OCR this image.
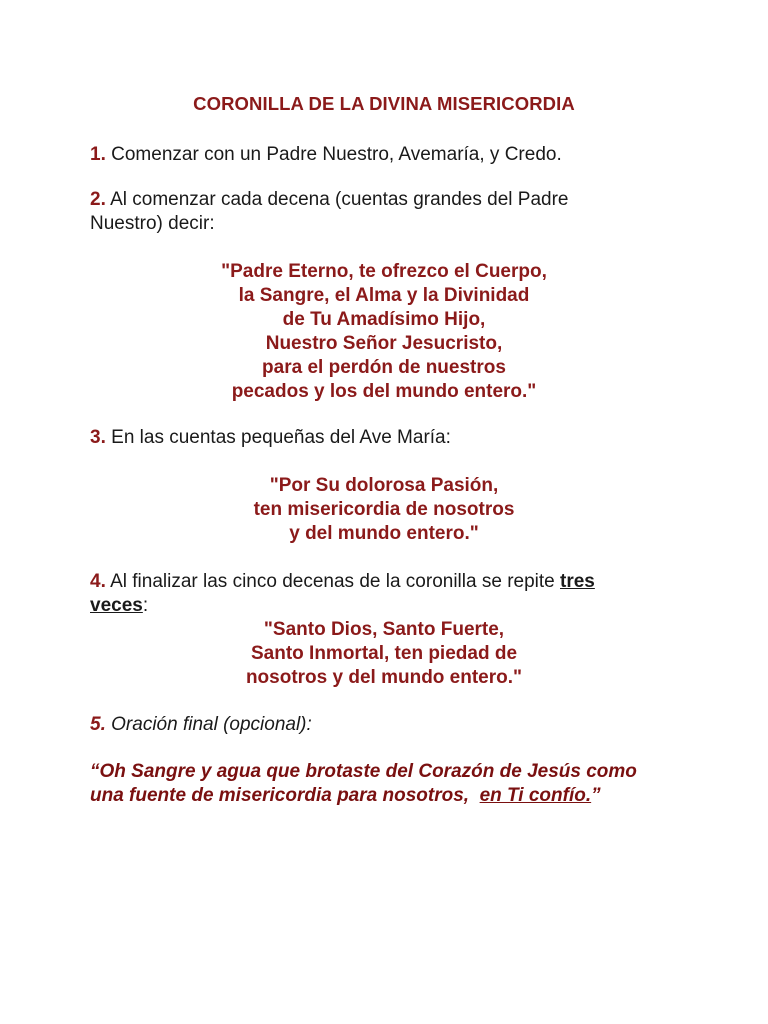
CORONILLA DE LA DIVINA MISERICORDIA
1. Comenzar con un Padre Nuestro, Avemaría, y Credo.
2. Al comenzar cada decena (cuentas grandes del Padre
Nuestro) decir:
"Padre Eterno, te ofrezco el Cuerpo,
la Sangre, el Alma y la Divinidad
de Tu Amadísimo Hijo,
Nuestro Señor Jesucristo,
para el perdón de nuestros
pecados y los del mundo entero."
3. En las cuentas pequeñas del Ave María:
"Por Su dolorosa Pasión,
ten misericordia de nosotros
y del mundo entero."
4. Al finalizar las cinco decenas de la coronilla se repite tres veces:
"Santo Dios, Santo Fuerte,
Santo Inmortal, ten piedad de
nosotros y del mundo entero."
5. Oración final (opcional):
“Oh Sangre y agua que brotaste del Corazón de Jesús como
una fuente de misericordia para nosotros,  en Ti confío.”
